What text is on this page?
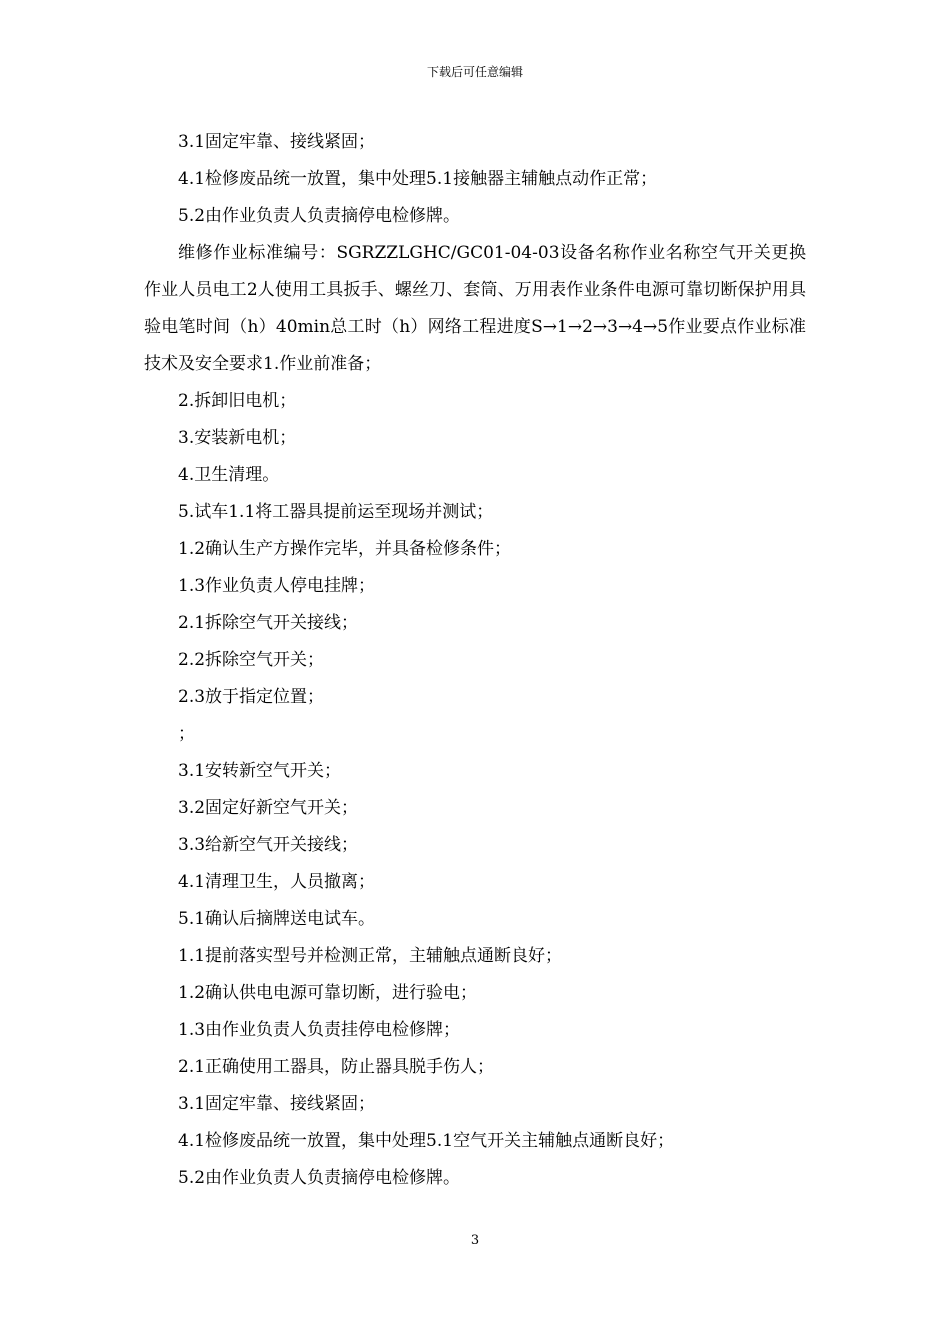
下载后可任意编辑

3.1固定牢靠、接线紧固；

4.1检修废品统一放置，集中处理5.1接触器主辅触点动作正常；

5.2由作业负责人负责摘停电检修牌。

维修作业标准编号：SGRZZLGHC/GC01-04-03设备名称作业名称空气开关更换作业人员电工2人使用工具扳手、螺丝刀、套筒、万用表作业条件电源可靠切断保护用具验电笔时间（h）40min总工时（h）网络工程进度S→1→2→3→4→5作业要点作业标准技术及安全要求1.作业前准备；

2.拆卸旧电机；

3.安装新电机；

4.卫生清理。

5.试车1.1将工器具提前运至现场并测试；

1.2确认生产方操作完毕，并具备检修条件；

1.3作业负责人停电挂牌；

2.1拆除空气开关接线；

2.2拆除空气开关；

2.3放于指定位置；

；

3.1安转新空气开关；

3.2固定好新空气开关；

3.3给新空气开关接线；

4.1清理卫生，人员撤离；

5.1确认后摘牌送电试车。

1.1提前落实型号并检测正常，主辅触点通断良好；

1.2确认供电电源可靠切断，进行验电；

1.3由作业负责人负责挂停电检修牌；

2.1正确使用工器具，防止器具脱手伤人；

3.1固定牢靠、接线紧固；

4.1检修废品统一放置，集中处理5.1空气开关主辅触点通断良好；

5.2由作业负责人负责摘停电检修牌。

3
